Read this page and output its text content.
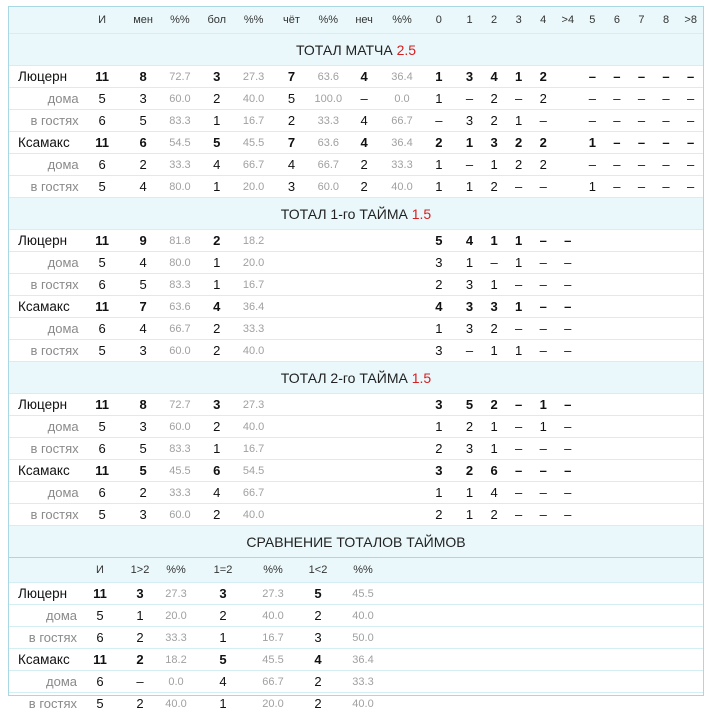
	И	мен	%%	бол	%%	чёт	%%	неч	%%	0	1	2	3	4	>4	5	6	7	8	>8
ТОТАЛ МАТЧА 2.5																				
Люцерн	11	8	72.7	3	27.3	7	63.6	4	36.4	1	3	4	1	2		–	–	–	–	–
дома	5	3	60.0	2	40.0	5	100.0	–	0.0	1	–	2	–	2		–	–	–	–	–
в гостях	6	5	83.3	1	16.7	2	33.3	4	66.7	–	3	2	1	–		–	–	–	–	–
Ксамакс	11	6	54.5	5	45.5	7	63.6	4	36.4	2	1	3	2	2		1	–	–	–	–
дома	6	2	33.3	4	66.7	4	66.7	2	33.3	1	–	1	2	2		–	–	–	–	–
в гостях	5	4	80.0	1	20.0	3	60.0	2	40.0	1	1	2	–	–		1	–	–	–	–
ТОТАЛ 1-го ТАЙМА 1.5																				
Люцерн	11	9	81.8	2	18.2					5	4	1	1	–	–					
дома	5	4	80.0	1	20.0					3	1	–	1	–	–					
в гостях	6	5	83.3	1	16.7					2	3	1	–	–	–					
Ксамакс	11	7	63.6	4	36.4					4	3	3	1	–	–					
дома	6	4	66.7	2	33.3					1	3	2	–	–	–					
в гостях	5	3	60.0	2	40.0					3	–	1	1	–	–					
ТОТАЛ 2-го ТАЙМА 1.5																				
Люцерн	11	8	72.7	3	27.3					3	5	2	–	1	–					
дома	5	3	60.0	2	40.0					1	2	1	–	1	–					
в гостях	6	5	83.3	1	16.7					2	3	1	–	–	–					
Ксамакс	11	5	45.5	6	54.5					3	2	6	–	–	–					
дома	6	2	33.3	4	66.7					1	1	4	–	–	–					
в гостях	5	3	60.0	2	40.0					2	1	2	–	–	–					
СРАВНЕНИЕ ТОТАЛОВ ТАЙМОВ								
	И	1>2	%%	1=2	%%	1<2	%%	
Люцерн	11	3	27.3	3	27.3	5	45.5	
дома	5	1	20.0	2	40.0	2	40.0	
в гостях	6	2	33.3	1	16.7	3	50.0	
Ксамакс	11	2	18.2	5	45.5	4	36.4	
дома	6	–	0.0	4	66.7	2	33.3	
в гостях	5	2	40.0	1	20.0	2	40.0	
